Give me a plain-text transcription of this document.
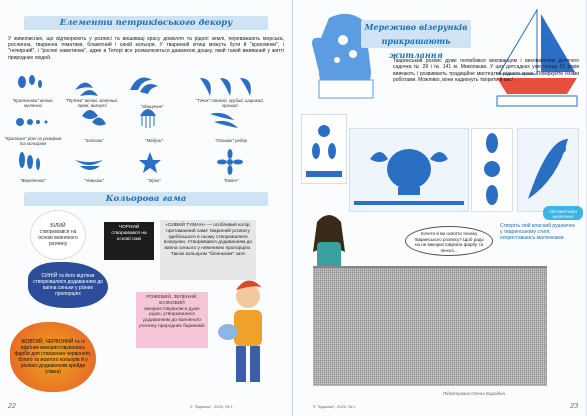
Елементи петриківського декору

У живописних, що відтворюють у розписі та вишиваці красу довкілля та рідної землі, переважають морська, рослинна, тваринна тематики, блакитний і синій кольори. У тваринній кітиці можуть бути й "краплинки", і "гнічирний", і "росяні наметинки", адже в Тетері все розмалюються дажанкою дошку, який такий вживаний у житті природних людей.

"Крапелинки" великі, маленькі
"Пір'їнки" великі, маленькі, прямі, вигнуті	"Зіницячне"
"Гачок" тонкий, грубий, широкий, вузький
"Краплики" різні за розміром та кольором
"Заплики"	"Медузи"	"Опашок" ребер
"Веретенко"	"Човники"	"Зірки"	"Квітн"
Кольорова гама
БІЛИЙ створювався на основі вапняного розчину
ЧОРНИЙ створювався на основі сажі
«СИВИЙ ТУМАН» — особливий колір, притаманний саме тваринній розпису здебільшого в ньому створювалися візерунки. Утворювався додаванням до вапна синього у невеликих пропорціях. Також кольором "біленьким" зате
СИНІЙ та його відтінки створювалися додаванням до вапна синьки у різних пропорціях
ЖОВТИЙ, ЧЕРВОНИЙ та їх відтінки використовувались фарби для створення червоного, білого та жовтого кольорів й у розписі додаванням крейди (ліжка)
РОЖЕВИЙ, ЗЕЛЕНИЙ, БУЗКОВИЙ використовувалися дуже рідко, утворювалися додаванням до вапняного розчину природних барвників
22	© "Бджілка", 2020, № 1
Мереживо візерунків прикрашають житлання

Тваринський розпис дуже полюбився вихованцям і вихователям дитячого садочка № 29 і № 141 м. Миколаєва. У цих дитсадках уже понад 10 років вивчають і розвивають традиційне мистецтво рідного краю. Поміркуйте їхніми роботами. Можливо, вони надихнуть творити й вас!

Хочете й ви освоїти техніку тваринського розпису? Щоб радо на не використовувати фарбу та пензлі...
Створіть свій власний рушничок у тваринському стилі, скориставшись малюнками.
ОБГОВОРИМО МАЛЮНКИ
Підготувала Олена Бородіна
© "Бджілка", 2020, № 1	23
